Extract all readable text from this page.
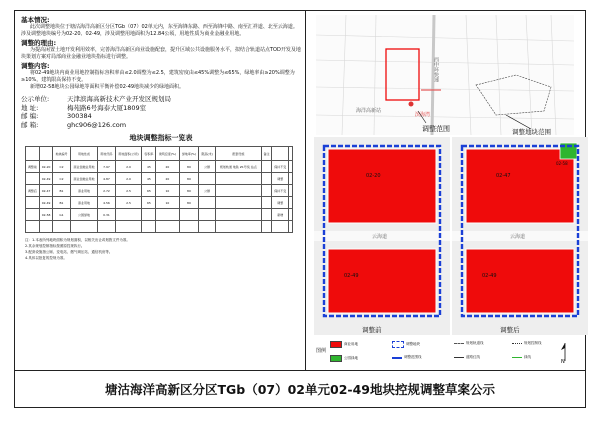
基本情况:
此次调整地块位于塘沽海洋高新区分区TGb（07）02单元内，东至海锋东路、西至海锋中路、南至汇祥道、北至云海道。涉及调整地块编号为02-20、02-49，涉及调整用地面积为12.84公顷，用地性质为商业金融业用地。
调整的理由:
为提高闲置土地开发利用效率，完善海洋高新区商业设施配套，提升区域公共设施服务水平，拟结合轨道站点TOD开发及地块策划方案对局部商业金融业地块指标进行调整。
调整内容:
将02-49地块内商业用地控制指标容积率由≤2.0调整为≤2.5，建筑密度由≤45%调整为≤65%，绿地率由≥20%调整为≥10%，建筑限高保持不变。
新增02-58地块公园绿地等面积平衡补偿02-49地块减少的绿地面积。
公示单位:	天津滨海高新技术产业开发区规划局
地 址:	梅苑路6号海泰大厦1809室
邮 编:	300384
邮 箱:	ghc906@126.com
地块调整指标一览表
		地块编号	用地性质	用地代码	用地面积(公顷)	容积率	建筑密度(%)	绿地率(%)	限高(米)	配套设施	备注		
调整前	02-20	C2	商业金融业用地	7.97	2.0	45	20	80	公厕	规划轨道 地铁 Z1号线 站点		保持不变	
	02-49	C2	商业金融业用地	4.87	2.0	45	20	80				调整	
调整后	02-47	B1	商业用地	2.72	2.5	65	10	80	公厕			保持不变	
	02-49	B1	商业用地	4.56	2.5	65	10	80				调整	
	02-58	G1	公园绿地	0.31								新增	

注：1.本表所列地块面积为规划面积，以相关出让或划拨文件为准。
2.其余规划控制指标按照原控规执行。
3.配套设施指公厕、变电站、燃气调压站、通信机房等。
4.具体以批复的控规为准。
西中环快速
海洋高新站
滨海湾
调整范围	调整地块范围
云海道
02-20
02-49
调整前
云海道
02-47
02-49
02-58
调整后
图例
商业用地
公园绿地
调整地块
调整范围线
规划轨道线
道路红线
规划控制线
绿线
N
塘沽海洋高新区分区TGb（07）02单元02-49地块控规调整草案公示
